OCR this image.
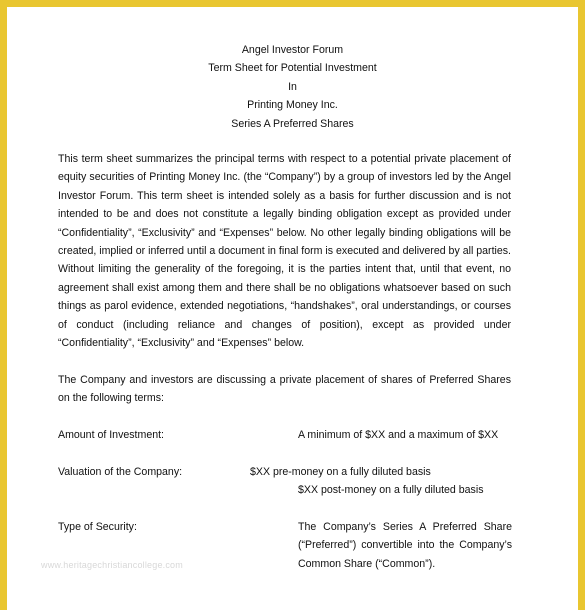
Angel Investor Forum
Term Sheet for Potential Investment
In
Printing Money Inc.
Series A Preferred Shares

This term sheet summarizes the principal terms with respect to a potential private placement of equity securities of Printing Money Inc. (the “Company”) by a group of investors led by the Angel Investor Forum. This term sheet is intended solely as a basis for further discussion and is not intended to be and does not constitute a legally binding obligation except as provided under “Confidentiality”, “Exclusivity” and “Expenses” below. No other legally binding obligations will be created, implied or inferred until a document in final form is executed and delivered by all parties. Without limiting the generality of the foregoing, it is the parties intent that, until that event, no agreement shall exist among them and there shall be no obligations whatsoever based on such things as parol evidence, extended negotiations, “handshakes”, oral understandings, or courses of conduct (including reliance and changes of position), except as provided under “Confidentiality”, “Exclusivity” and “Expenses” below.

The Company and investors are discussing a private placement of shares of Preferred Shares on the following terms:

Amount of Investment:	A minimum of $XX and a maximum of $XX
Valuation of the Company:	$XX pre-money on a fully diluted basis
$XX post-money on a fully diluted basis
Type of Security:	The Company’s Series A Preferred Share (“Preferred”) convertible into the Company’s Common Share (“Common”).
www.heritagechristiancollege.com
